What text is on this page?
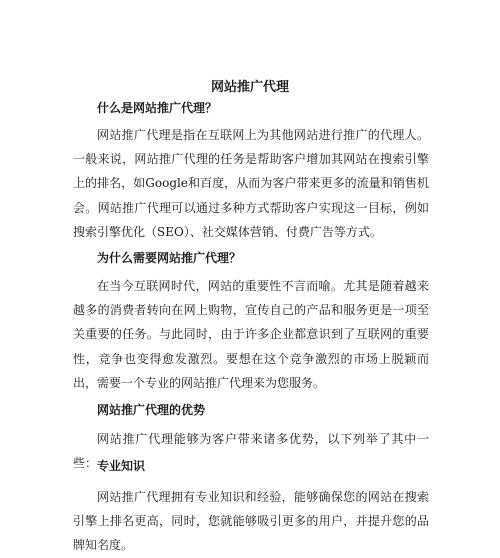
网站推广代理
什么是网站推广代理？

网站推广代理是指在互联网上为其他网站进行推广的代理人。一般来说，网站推广代理的任务是帮助客户增加其网站在搜索引擎上的排名，如Google和百度，从而为客户带来更多的流量和销售机会。网站推广代理可以通过多种方式帮助客户实现这一目标，例如搜索引擎优化（SEO）、社交媒体营销、付费广告等方式。

为什么需要网站推广代理？

在当今互联网时代，网站的重要性不言而喻。尤其是随着越来越多的消费者转向在网上购物，宣传自己的产品和服务更是一项至关重要的任务。与此同时，由于许多企业都意识到了互联网的重要性，竞争也变得愈发激烈。要想在这个竞争激烈的市场上脱颖而出，需要一个专业的网站推广代理来为您服务。

网站推广代理的优势

网站推广代理能够为客户带来诸多优势，以下列举了其中一些： 专业知识

网站推广代理拥有专业知识和经验，能够确保您的网站在搜索引擎上排名更高，同时，您就能够吸引更多的用户，并提升您的品牌知名度。
